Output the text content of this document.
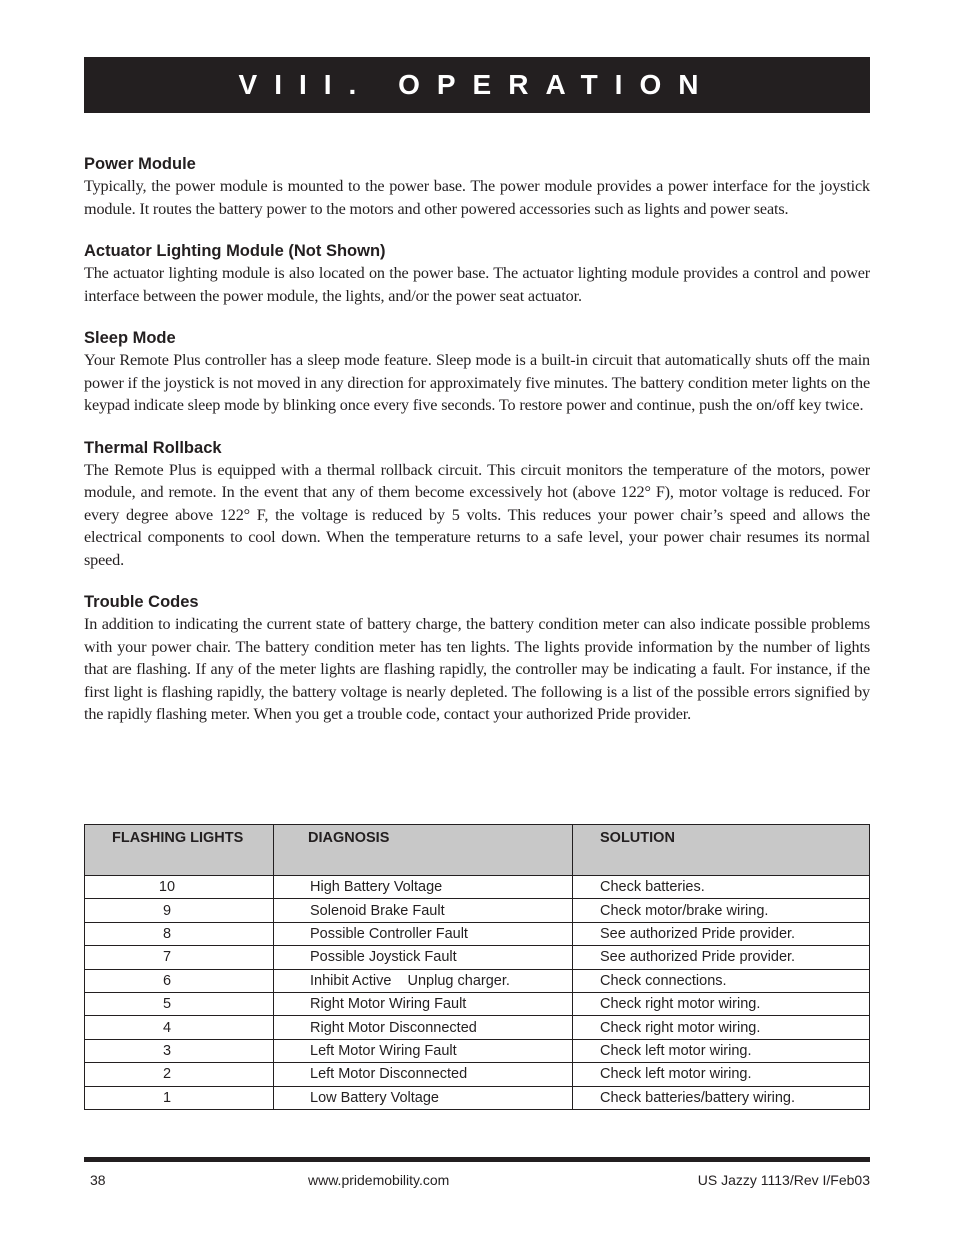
VIII. OPERATION
Power Module

Typically, the power module is mounted to the power base. The power module provides a power interface for the joystick module. It routes the battery power to the motors and other powered accessories such as lights and power seats.

Actuator Lighting Module (Not Shown)

The actuator lighting module is also located on the power base. The actuator lighting module provides a control and power interface between the power module, the lights, and/or the power seat actuator.

Sleep Mode

Your Remote Plus controller has a sleep mode feature. Sleep mode is a built-in circuit that automatically shuts off the main power if the joystick is not moved in any direction for approximately five minutes. The battery condition meter lights on the keypad indicate sleep mode by blinking once every five seconds. To restore power and continue, push the on/off key twice.

Thermal Rollback

The Remote Plus is equipped with a thermal rollback circuit. This circuit monitors the temperature of the motors, power module, and remote. In the event that any of them become excessively hot (above 122° F), motor voltage is reduced. For every degree above 122° F, the voltage is reduced by 5 volts. This reduces your power chair’s speed and allows the electrical components to cool down. When the temperature returns to a safe level, your power chair resumes its normal speed.

Trouble Codes

In addition to indicating the current state of battery charge, the battery condition meter can also indicate possible problems with your power chair. The battery condition meter has ten lights. The lights provide information by the number of lights that are flashing. If any of the meter lights are flashing rapidly, the controller may be indicating a fault. For instance, if the first light is flashing rapidly, the battery voltage is nearly depleted. The following is a list of the possible errors signified by the rapidly flashing meter. When you get a trouble code, contact your authorized Pride provider.

FLASHING LIGHTS	DIAGNOSIS	SOLUTION
10	High Battery Voltage	Check batteries.
9	Solenoid Brake Fault	Check motor/brake wiring.
8	Possible Controller Fault	See authorized Pride provider.
7	Possible Joystick Fault	See authorized Pride provider.
6	Inhibit Active    Unplug charger.	Check connections.
5	Right Motor Wiring Fault	Check right motor wiring.
4	Right Motor Disconnected	Check right motor wiring.
3	Left Motor Wiring Fault	Check left motor wiring.
2	Left Motor Disconnected	Check left motor wiring.
1	Low Battery Voltage	Check batteries/battery wiring.
38	www.pridemobility.com	US Jazzy 1113/Rev I/Feb03
